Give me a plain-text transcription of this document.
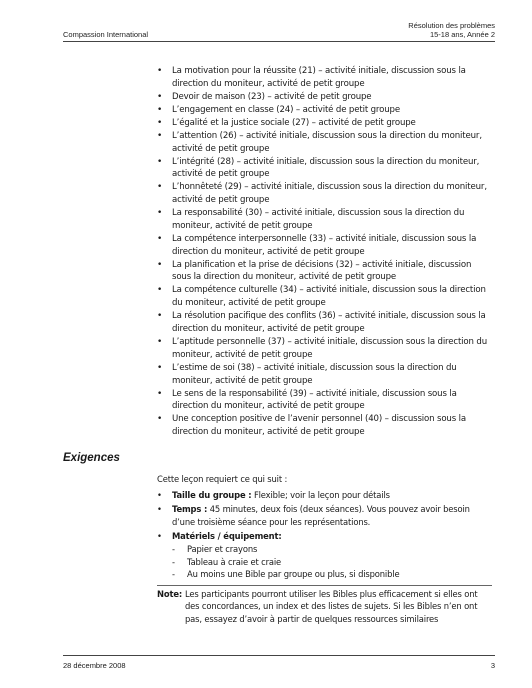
Compassion International
Résolution des problèmes
15-18 ans, Année 2
• La motivation pour la réussite (21) – activité initiale, discussion sous la direction du moniteur, activité de petit groupe
• Devoir de maison (23) – activité de petit groupe
• L’engagement en classe (24) – activité de petit groupe
• L’égalité et la justice sociale (27) – activité de petit groupe
• L’attention (26) – activité initiale, discussion sous la direction du moniteur, activité de petit groupe
• L’intégrité (28) – activité initiale, discussion sous la direction du moniteur, activité de petit groupe
• L’honnêteté (29) – activité initiale, discussion sous la direction du moniteur, activité de petit groupe
• La responsabilité (30) – activité initiale, discussion sous la direction du moniteur, activité de petit groupe
• La compétence interpersonnelle (33) – activité initiale, discussion sous la direction du moniteur, activité de petit groupe
• La planification et la prise de décisions (32) – activité initiale, discussion sous la direction du moniteur, activité de petit groupe
• La compétence culturelle (34) – activité initiale, discussion sous la direction du moniteur, activité de petit groupe
• La résolution pacifique des conflits (36) – activité initiale, discussion sous la direction du moniteur, activité de petit groupe
• L’aptitude personnelle (37) – activité initiale, discussion sous la direction du moniteur, activité de petit groupe
• L’estime de soi (38) – activité initiale, discussion sous la direction du moniteur, activité de petit groupe
• Le sens de la responsabilité (39) – activité initiale, discussion sous la direction du moniteur, activité de petit groupe
• Une conception positive de l’avenir personnel (40) – discussion sous la direction du moniteur, activité de petit groupe
Exigences

Cette leçon requiert ce qui suit :

• Taille du groupe : Flexible; voir la leçon pour détails
• Temps : 45 minutes, deux fois (deux séances). Vous pouvez avoir besoin d’une troisième séance pour les représentations.
• Matériels / équipement:
- Papier et crayons
- Tableau à craie et craie
- Au moins une Bible par groupe ou plus, si disponible
Note: Les participants pourront utiliser les Bibles plus efficacement si elles ont des concordances, un index et des listes de sujets. Si les Bibles n’en ont pas, essayez d’avoir à partir de quelques ressources similaires
28 décembre 2008	3
